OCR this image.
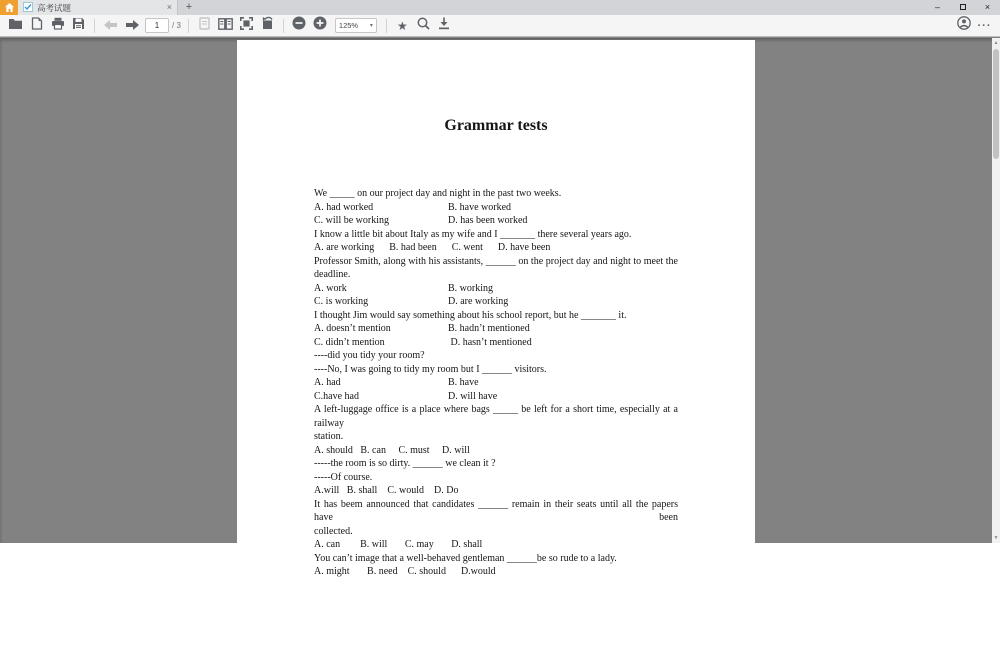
高考试题	×	+	–	×
1
/ 3	125% ▾ ★	···
Grammar tests
We _____ on our project day and night in the past two weeks.
A. had worked	B. have worked
C. will be working	D. has been worked
I know a little bit about Italy as my wife and I _______ there several years ago.
A. are working      B. had been      C. went      D. have been
Professor Smith, along with his assistants, ______ on the project day and night to meet the
deadline.
A. work	B. working
C. is working	D. are working
I thought Jim would say something about his school report, but he _______ it.
A. doesn’t mention	B. hadn’t mentioned
C. didn’t mention	D. hasn’t mentioned
----did you tidy your room?
----No, I was going to tidy my room but I ______ visitors.
A. had	B. have
C.have had	D. will have
A left-luggage office is a place where bags _____ be left for a short time, especially at a railway
station.
A. should   B. can     C. must     D. will
-----the room is so dirty. ______ we clean it ?
-----Of course.
A.will   B. shall    C. would    D. Do
It has beem announced that candidates ______ remain in their seats until all the papers have been
collected.
A. can        B. will       C. may       D. shall
You can’t image that a well-behaved gentleman ______be so rude to a lady.
A. might       B. need    C. should      D.would
▲
▼
